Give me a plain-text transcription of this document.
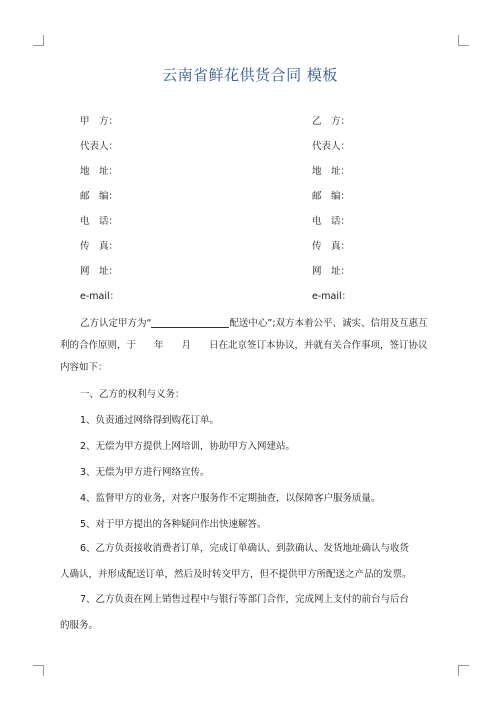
云南省鲜花供货合同 模板
甲　方：
代表人：
地　址：
邮　编：
电　话：
传　真：
网　址：
e-mail：
乙　方：
代表人：
地　址：
邮　编：
电　话：
传　真：
网　址：
e-mail：
乙方认定甲方为“	配送中心”;双方本着公平、诚实、信用及互惠互
利的合作原则，于 年 月 日在北京签订本协议，并就有关合作事项，签订协议
内容如下：
一、乙方的权利与义务：
1、负责通过网络得到购花订单。
2、无偿为甲方提供上网培训，协助甲方入网建站。
3、无偿为甲方进行网络宣传。
4、监督甲方的业务，对客户服务作不定期抽查，以保障客户服务质量。
5、对于甲方提出的各种疑问作出快速解答。
6、乙方负责接收消费者订单，完成订单确认、到款确认、发货地址确认与收货
人确认，并形成配送订单，然后及时转交甲方，但不提供甲方所配送之产品的发票。
7、乙方负责在网上销售过程中与银行等部门合作，完成网上支付的前台与后台
的服务。
